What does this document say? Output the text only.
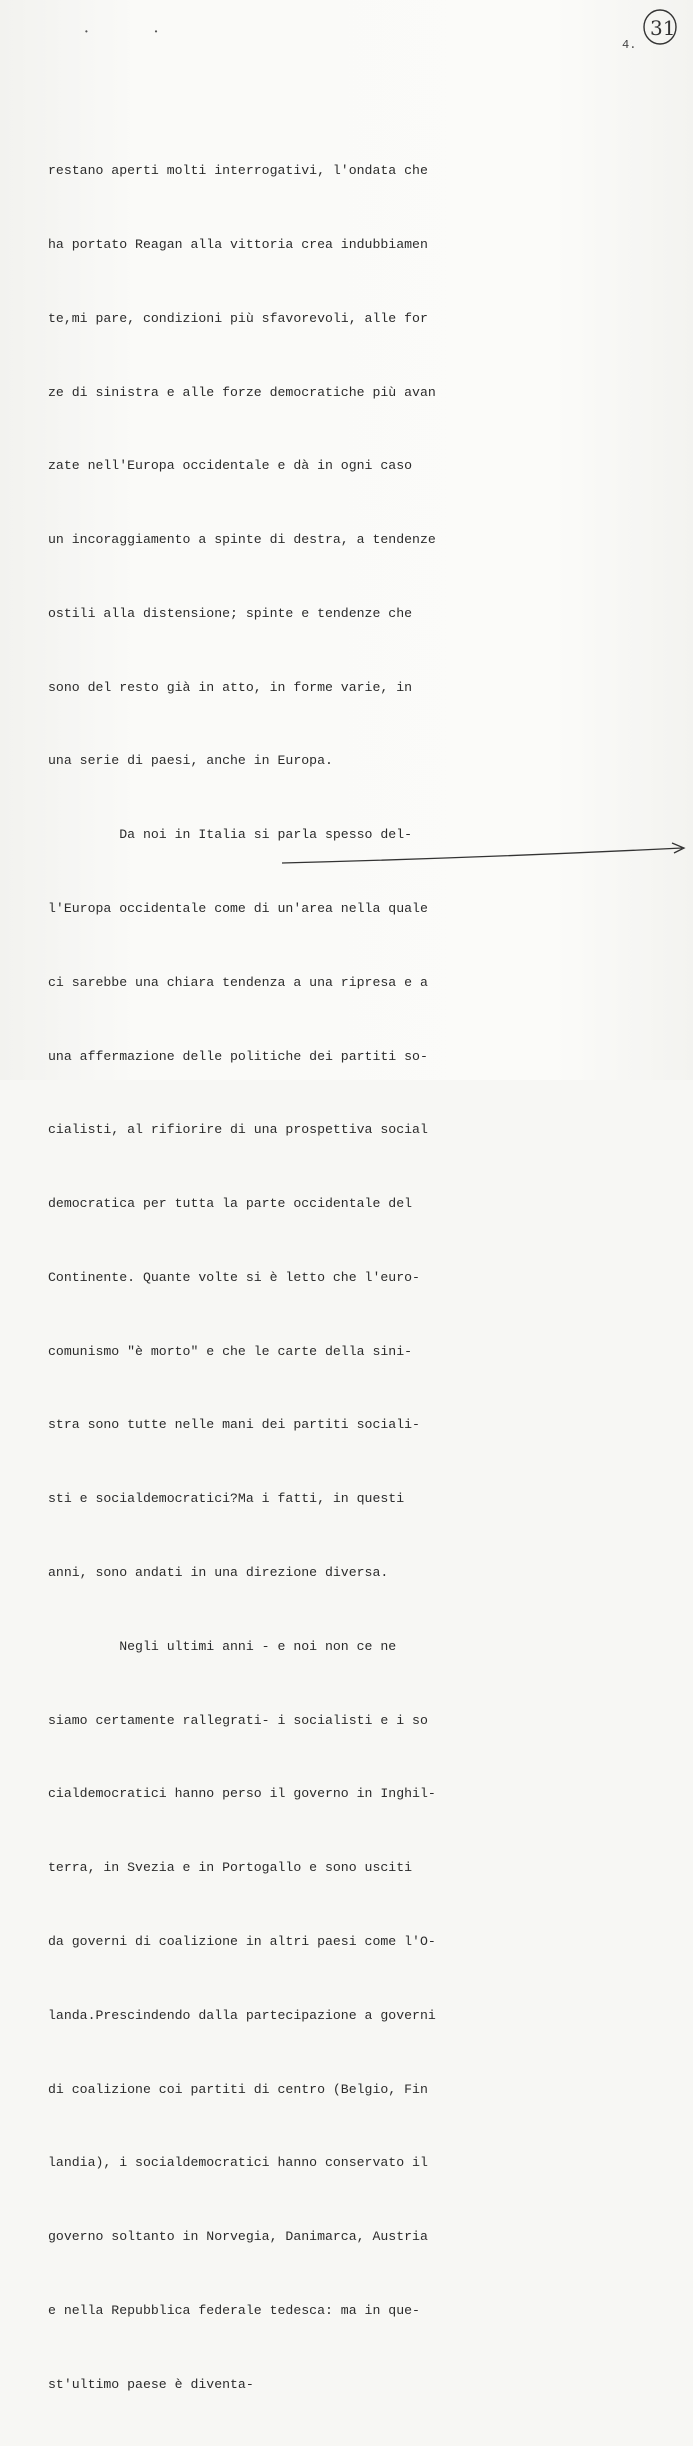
• •
4.
31

restano aperti molti interrogativi, l'ondata che

ha portato Reagan alla vittoria crea indubbiamen

te,mi pare, condizioni più sfavorevoli, alle for

ze di sinistra e alle forze democratiche più avan

zate nell'Europa occidentale e dà in ogni caso

un incoraggiamento a spinte di destra, a tendenze

ostili alla distensione; spinte e tendenze che

sono del resto già in atto, in forme varie, in

una serie di paesi, anche in Europa.

Da noi in Italia si parla spesso del-

l'Europa occidentale come di un'area nella quale

ci sarebbe una chiara tendenza a una ripresa e a

una affermazione delle politiche dei partiti so-

cialisti, al rifiorire di una prospettiva social

democratica per tutta la parte occidentale del

Continente. Quante volte si è letto che l'euro-

comunismo "è morto" e che le carte della sini-

stra sono tutte nelle mani dei partiti sociali-

sti e socialdemocratici?Ma i fatti, in questi

anni, sono andati in una direzione diversa.

Negli ultimi anni - e noi non ce ne

siamo certamente rallegrati- i socialisti e i so

cialdemocratici hanno perso il governo in Inghil-

terra, in Svezia e in Portogallo e sono usciti

da governi di coalizione in altri paesi come l'O-

landa.Prescindendo dalla partecipazione a governi

di coalizione coi partiti di centro (Belgio, Fin

landia), i socialdemocratici hanno conservato il

governo soltanto in Norvegia, Danimarca, Austria

e nella Repubblica federale tedesca: ma in que-

st'ultimo paese è diventa-
